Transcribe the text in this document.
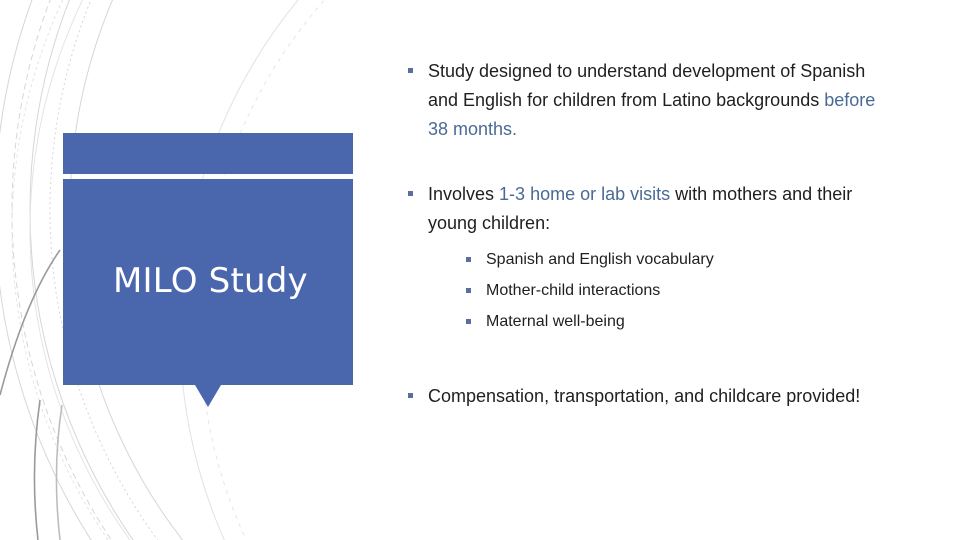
MILO Study

Study designed to understand development of Spanish and English for children from Latino backgrounds before 38 months.

Involves 1-3 home or lab visits with mothers and their young children:
Spanish and English vocabulary
Mother-child interactions
Maternal well-being

Compensation, transportation, and childcare provided!
